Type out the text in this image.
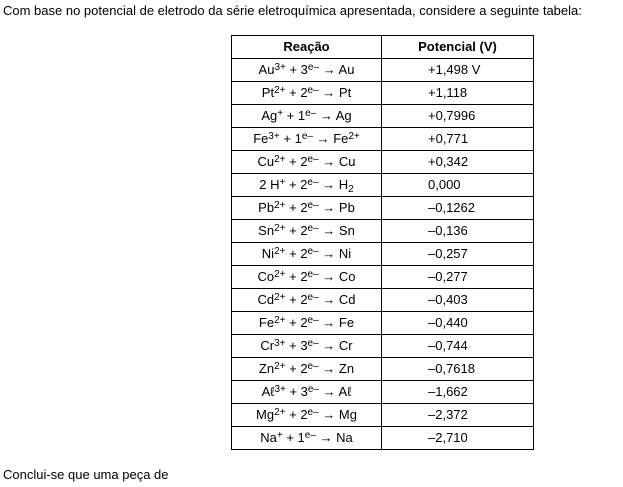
Com base no potencial de eletrodo da série eletroquímica apresentada, considere a seguinte tabela:
Reação	Potencial (V)
$Au^{3+} + 3^{e-} \to Au$	+1,498 V
$Pt^{2+} + 2^{e-} \to Pt$	+1,118
$Ag^+ + 1^{e-} \to Ag$	+0,7996
$Fe^{3+} + 1^{e-} \to Fe^{2+}$	+0,771
$Cu^{2+} + 2^{e-} \to Cu$	+0,342
2 $H^+ + 2^{e-} \to H_2$	0,000
$Pb^{2+} + 2^{e-} \to Pb$	–0,1262
$Sn^{2+} + 2^{e-} \to Sn$	–0,136
$Ni^{2+} + 2^{e-} \to Ni$	–0,257
$Co^{2+} + 2^{e-} \to Co$	–0,277
$Cd^{2+} + 2^{e-} \to Cd$	–0,403
$Fe^{2+} + 2^{e-} \to Fe$	–0,440
$Cr^{3+} + 3^{e-} \to Cr$	–0,744
$Zn^{2+} + 2^{e-} \to Zn$	–0,7618
Aℓ$^{3+}$ + $3^{e-}$ → Aℓ	–1,662
$Mg^{2+} + 2^{e-} \to Mg$	–2,372
$Na^+ + 1^{e-} \to Na$	–2,710
Conclui-se que uma peça de
